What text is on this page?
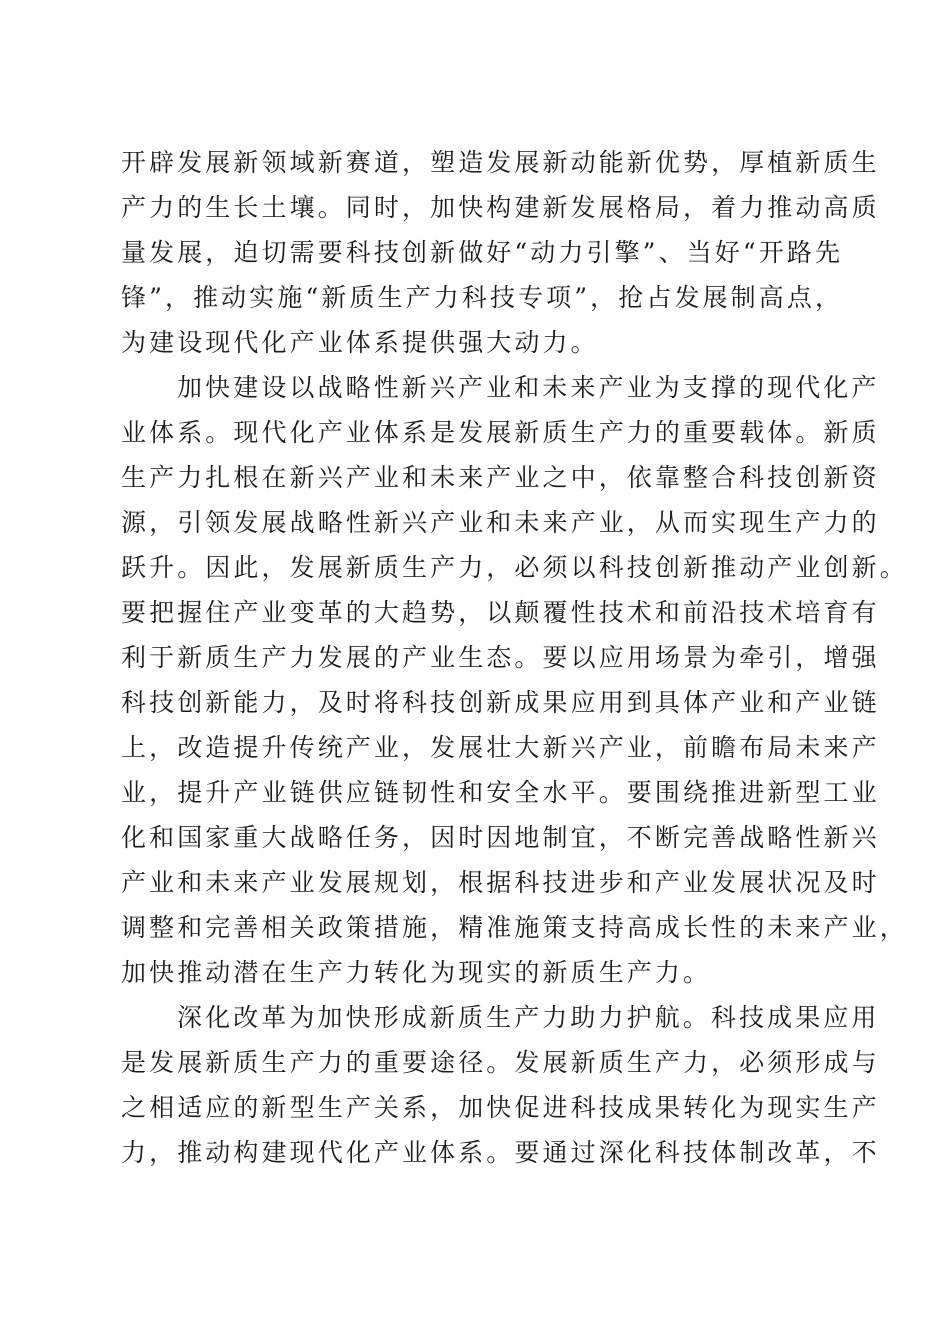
开辟发展新领域新赛道，塑造发展新动能新优势，厚植新质生
产力的生长土壤。同时，加快构建新发展格局，着力推动高质
量发展，迫切需要科技创新做好“动力引擎”、当好“开路先
锋”，推动实施“新质生产力科技专项”，抢占发展制高点，
为建设现代化产业体系提供强大动力。
加快建设以战略性新兴产业和未来产业为支撑的现代化产
业体系。现代化产业体系是发展新质生产力的重要载体。新质
生产力扎根在新兴产业和未来产业之中，依靠整合科技创新资
源，引领发展战略性新兴产业和未来产业，从而实现生产力的
跃升。因此，发展新质生产力，必须以科技创新推动产业创新。
要把握住产业变革的大趋势，以颠覆性技术和前沿技术培育有
利于新质生产力发展的产业生态。要以应用场景为牵引，增强
科技创新能力，及时将科技创新成果应用到具体产业和产业链
上，改造提升传统产业，发展壮大新兴产业，前瞻布局未来产
业，提升产业链供应链韧性和安全水平。要围绕推进新型工业
化和国家重大战略任务，因时因地制宜，不断完善战略性新兴
产业和未来产业发展规划，根据科技进步和产业发展状况及时
调整和完善相关政策措施，精准施策支持高成长性的未来产业，
加快推动潜在生产力转化为现实的新质生产力。
深化改革为加快形成新质生产力助力护航。科技成果应用
是发展新质生产力的重要途径。发展新质生产力，必须形成与
之相适应的新型生产关系，加快促进科技成果转化为现实生产
力，推动构建现代化产业体系。要通过深化科技体制改革，不
